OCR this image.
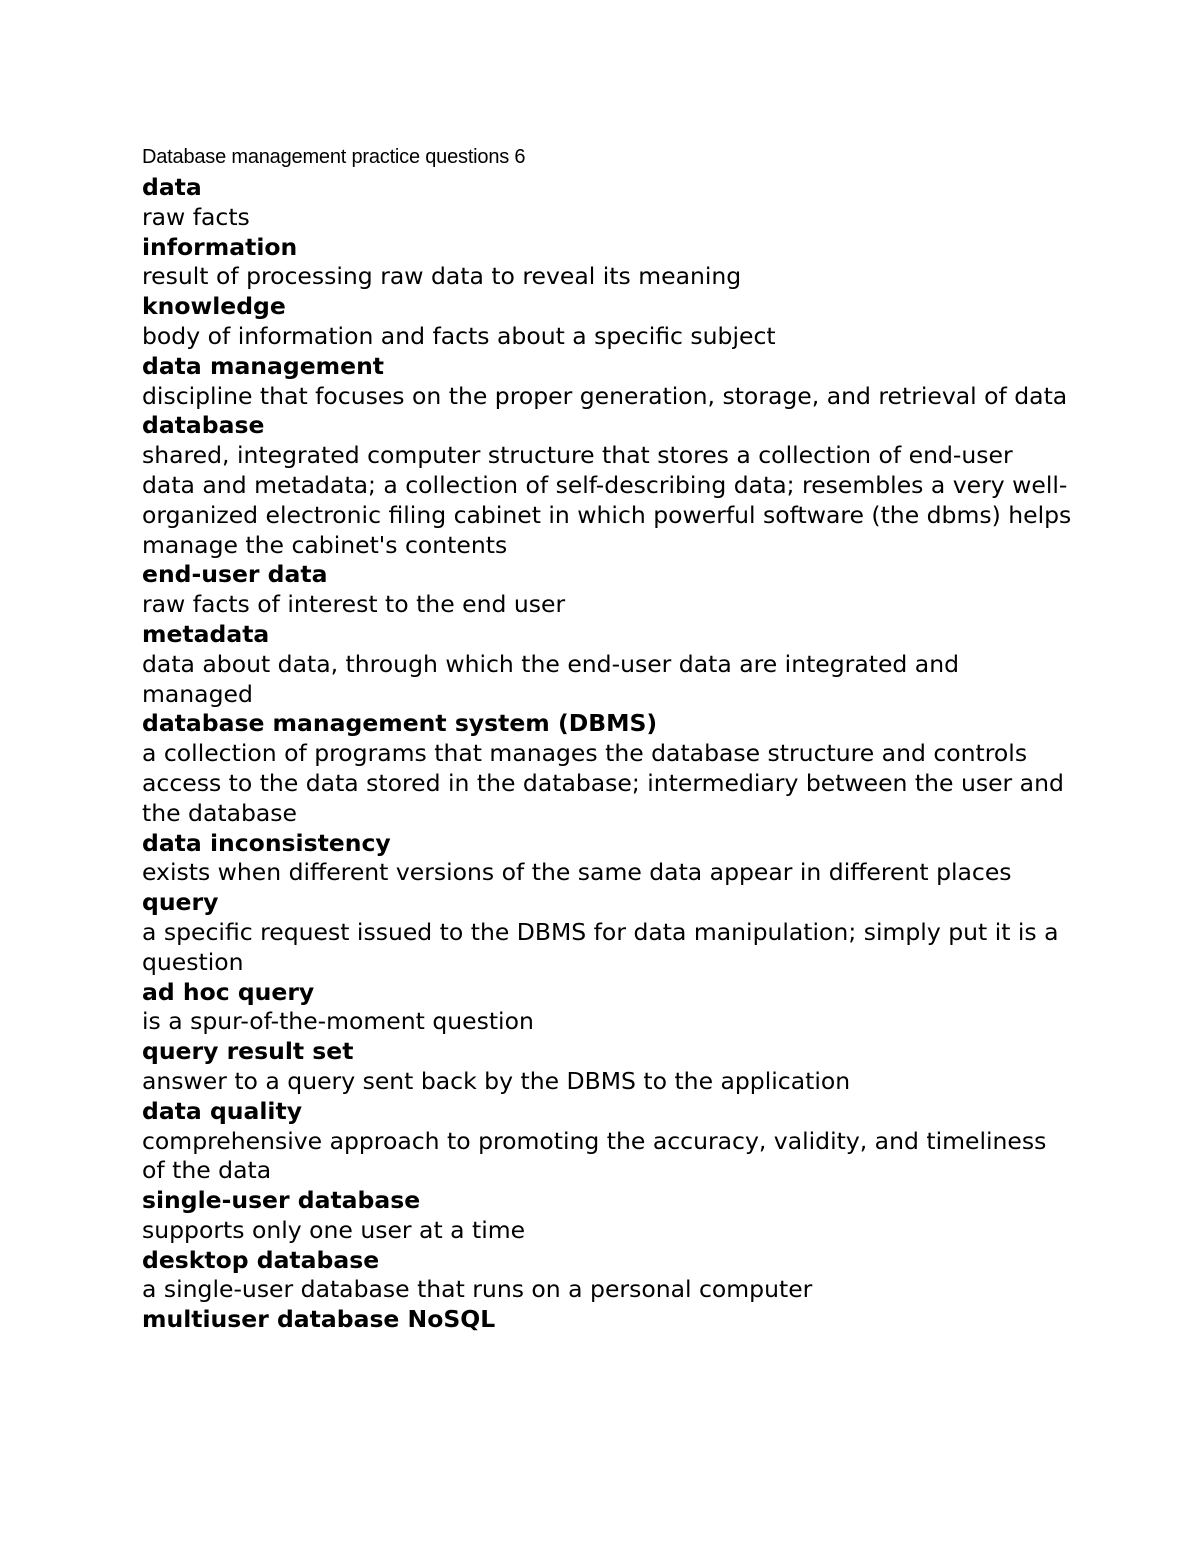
Database management practice questions 6
data
raw facts
information
result of processing raw data to reveal its meaning
knowledge
body of information and facts about a specific subject
data management
discipline that focuses on the proper generation, storage, and retrieval of data
database
shared, integrated computer structure that stores a collection of end-user data and metadata; a collection of self-describing data; resembles a very well-organized electronic filing cabinet in which powerful software (the dbms) helps manage the cabinet's contents
end-user data
raw facts of interest to the end user
metadata
data about data, through which the end-user data are integrated and managed
database management system (DBMS)
a collection of programs that manages the database structure and controls access to the data stored in the database; intermediary between the user and the database
data inconsistency
exists when different versions of the same data appear in different places
query
a specific request issued to the DBMS for data manipulation; simply put it is a question
ad hoc query
is a spur-of-the-moment question
query result set
answer to a query sent back by the DBMS to the application
data quality
comprehensive approach to promoting the accuracy, validity, and timeliness of the data
single-user database
supports only one user at a time
desktop database
a single-user database that runs on a personal computer
multiuser database NoSQL
